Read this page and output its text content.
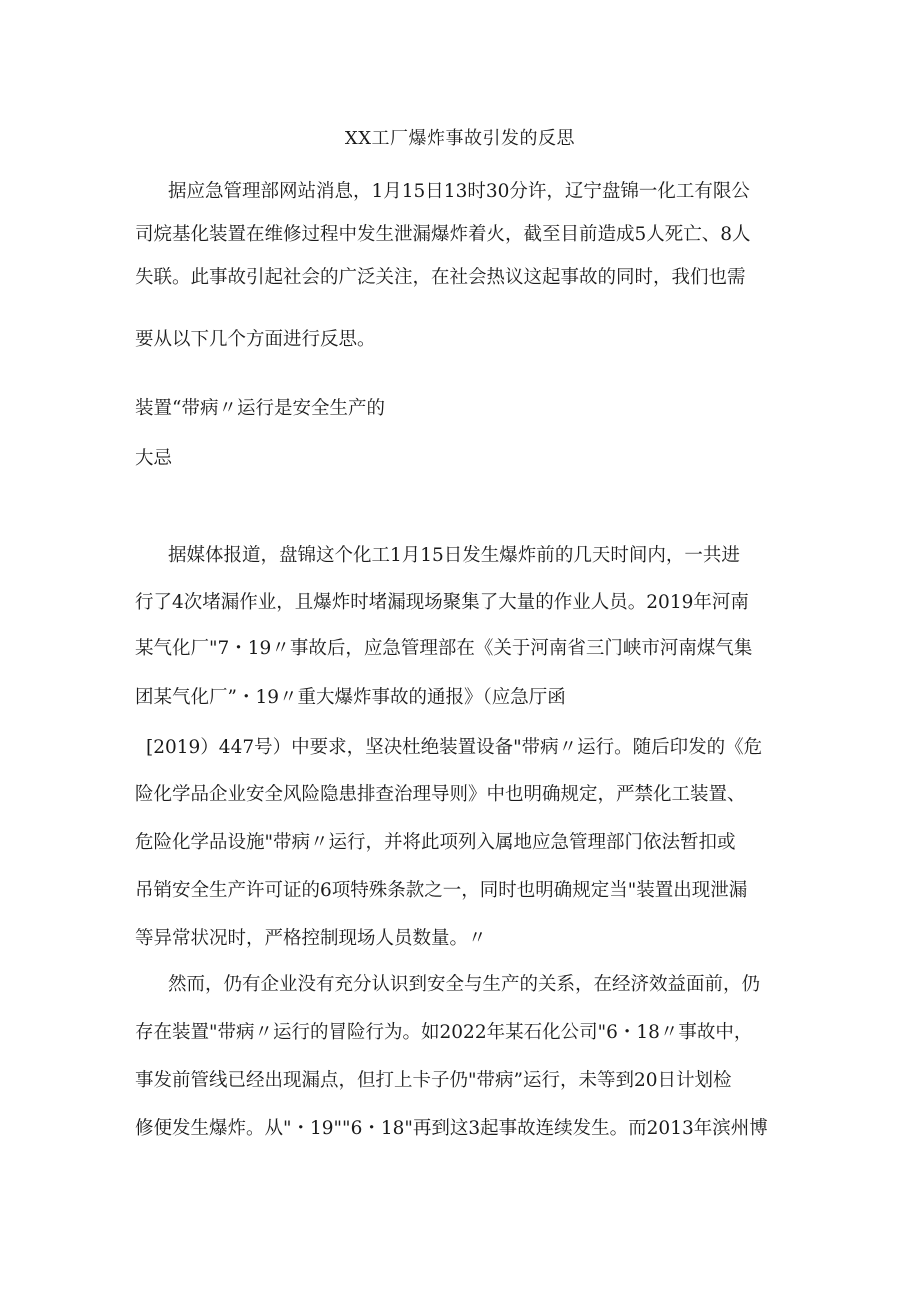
XX工厂爆炸事故引发的反思
据应急管理部网站消息，1月15日13时30分许，辽宁盘锦一化工有限公
司烷基化装置在维修过程中发生泄漏爆炸着火，截至目前造成5人死亡、8人
失联。此事故引起社会的广泛关注，在社会热议这起事故的同时，我们也需
要从以下几个方面进行反思。
装置“带病〃运行是安全生产的
大忌
据媒体报道，盘锦这个化工1月15日发生爆炸前的几天时间内，一共进
行了4次堵漏作业，且爆炸时堵漏现场聚集了大量的作业人员。2019年河南
某气化厂"7・19〃事故后，应急管理部在《关于河南省三门峡市河南煤气集
团某气化厂”・19〃重大爆炸事故的通报》（应急厅函
[2019）447号）中要求，坚决杜绝装置设备"带病〃运行。随后印发的《危
险化学品企业安全风险隐患排查治理导则》中也明确规定，严禁化工装置、
危险化学品设施"带病〃运行，并将此项列入属地应急管理部门依法暂扣或
吊销安全生产许可证的6项特殊条款之一，同时也明确规定当"装置出现泄漏
等异常状况时，严格控制现场人员数量。〃
然而，仍有企业没有充分认识到安全与生产的关系，在经济效益面前，仍
存在装置"带病〃运行的冒险行为。如2022年某石化公司"6・18〃事故中，
事发前管线已经出现漏点，但打上卡子仍"带病”运行，未等到20日计划检
修便发生爆炸。从"・19""6・18"再到这3起事故连续发生。而2013年滨州博
